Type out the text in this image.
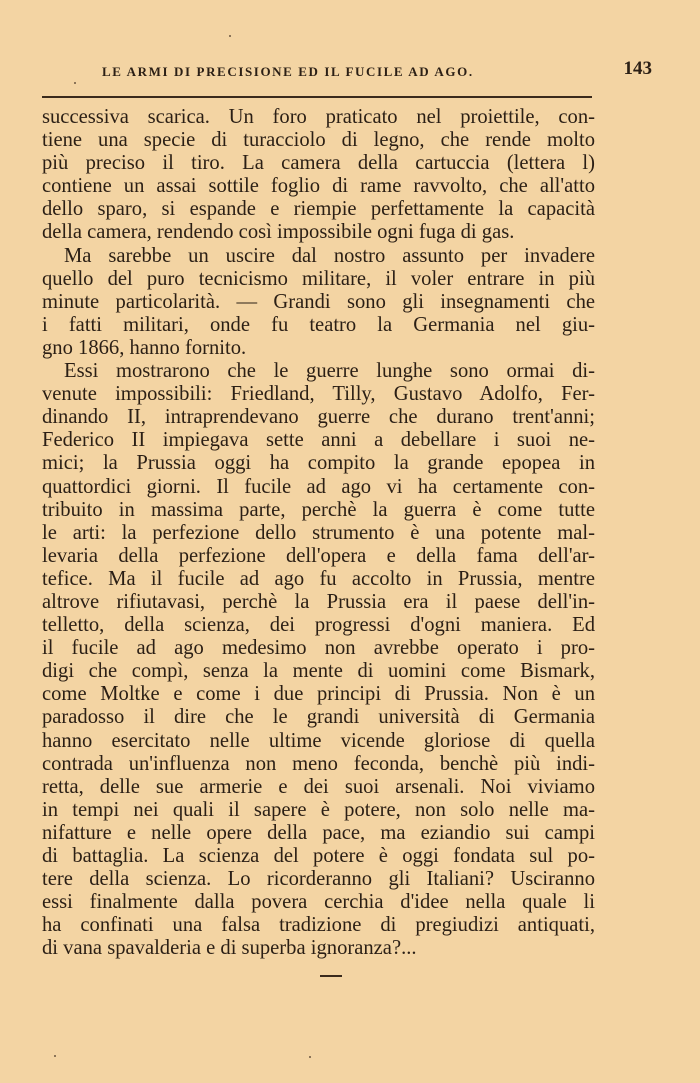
LE ARMI DI PRECISIONE ED IL FUCILE AD AGO.	143
successiva scarica. Un foro praticato nel proiettile, con-
tiene una specie di turacciolo di legno, che rende molto
più preciso il tiro. La camera della cartuccia (lettera l)
contiene un assai sottile foglio di rame ravvolto, che all'atto
dello sparo, si espande e riempie perfettamente la capacità
della camera, rendendo così impossibile ogni fuga di gas.
Ma sarebbe un uscire dal nostro assunto per invadere
quello del puro tecnicismo militare, il voler entrare in più
minute particolarità. — Grandi sono gli insegnamenti che
i fatti militari, onde fu teatro la Germania nel giu-
gno 1866, hanno fornito.
Essi mostrarono che le guerre lunghe sono ormai di-
venute impossibili: Friedland, Tilly, Gustavo Adolfo, Fer-
dinando II, intraprendevano guerre che durano trent'anni;
Federico II impiegava sette anni a debellare i suoi ne-
mici; la Prussia oggi ha compito la grande epopea in
quattordici giorni. Il fucile ad ago vi ha certamente con-
tribuito in massima parte, perchè la guerra è come tutte
le arti: la perfezione dello strumento è una potente mal-
levaria della perfezione dell'opera e della fama dell'ar-
tefice. Ma il fucile ad ago fu accolto in Prussia, mentre
altrove rifiutavasi, perchè la Prussia era il paese dell'in-
telletto, della scienza, dei progressi d'ogni maniera. Ed
il fucile ad ago medesimo non avrebbe operato i pro-
digi che compì, senza la mente di uomini come Bismark,
come Moltke e come i due principi di Prussia. Non è un
paradosso il dire che le grandi università di Germania
hanno esercitato nelle ultime vicende gloriose di quella
contrada un'influenza non meno feconda, benchè più indi-
retta, delle sue armerie e dei suoi arsenali. Noi viviamo
in tempi nei quali il sapere è potere, non solo nelle ma-
nifatture e nelle opere della pace, ma eziandio sui campi
di battaglia. La scienza del potere è oggi fondata sul po-
tere della scienza. Lo ricorderanno gli Italiani? Usciranno
essi finalmente dalla povera cerchia d'idee nella quale li
ha confinati una falsa tradizione di pregiudizi antiquati,
di vana spavalderia e di superba ignoranza?...
